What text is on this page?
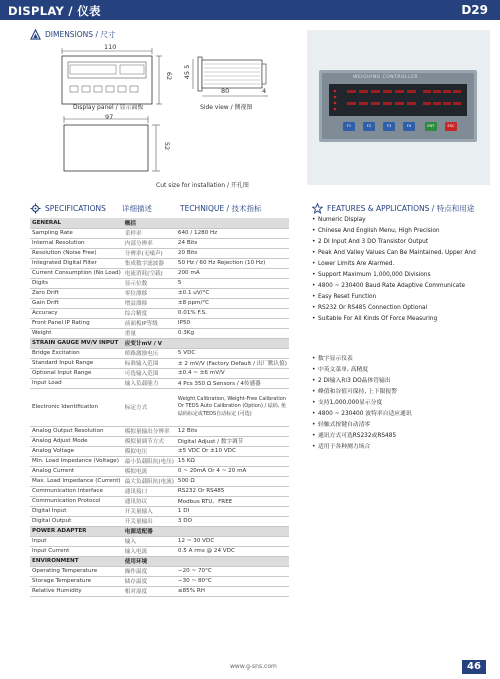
DISPLAY / 仪表	D29
DIMENSIONS / 尺寸
110
62
Display panel / 显示面板
45 5
80	4
Side view / 侧视图
97
52
Cut size for installation / 开孔图
WEIGHING CONTROLLER
F1	F2	F3	F4	ENT	ESC
SPECIFICATIONS 详细描述	TECHNIQUE / 技术指标
GENERAL	概括	
Sampling Rate	采样率	640 / 1280 Hz
Internal Resolution	内部分辨率	24 Bits
Resolution (Noise Free)	分辨率(无噪声)	20 Bits
Integrated Digital Filter	集成数字滤波器	50 Hz / 60 Hz Rejection (10 Hz)
Current Consumption (No Load)	电流消耗(空载)	200 mA
Digits	显示位数	5
Zero Drift	零位漂移	±0.1 uV/°C
Gain Drift	增益漂移	±8 ppm/°C
Accuracy	综合精度	0.01% F.S.
Front Panel IP Rating	前面板IP等级	IP50
Weight	重量	0.3Kg
STRAIN GAUGE MV/V INPUT	应变计mV / V	
Bridge Excitation	桥路激励电压	5 VDC
Standard Input Range	标准输入范围	± 2 mV/V (Factory Default / 出厂默认值)
Optional Input Range	可选输入范围	±0.4 ~ ±6 mV/V
Input Load	输入负载能力	4 Pcs 350 Ω Sensors / 4传感器
Electronic Identification	标定方式	Weight Calibration, Weight-Free Calibration Or TEDS Auto Calibration (Option) / 砝码, 免砝码标定或TEDS自动标定 (可选)
Analog Output Resolution	模拟量输出分辨率	12 Bits
Analog Adjust Mode	模拟量调节方式	Digital Adjust / 数字调节
Analog Voltage	模拟电压	±5 VDC Or ±10 VDC
Min. Load Impedance (Voltage)	最小负载阻抗(电压)	15 KΩ
Analog Current	模拟电流	0 ~ 20mA Or 4 ~ 20 mA
Max. Load Impedance (Current)	最大负载阻抗(电流)	500 Ω
Communication Interface	通讯接口	RS232 Or RS485
Communication Protocol	通讯协议	Modbus RTU、FREE
Digital Input	开关量输入	1 DI
Digital Output	开关量输出	3 DO
POWER ADAPTER	电源适配器	
Input	输入	12 ~ 30 VDC
Input Current	输入电流	0.5 A rms @ 24 VDC
ENVIRONMENT	使用环境	
Operating Temperature	操作温度	−20 ~ 70°C
Storage Temperature	储存温度	−30 ~ 80°C
Relative Humidity	相对湿度	≤85% RH
FEATURES & APPLICATIONS / 特点和用途
• Numeric Display
• Chinese And English Menu, High Precision
• 2 DI Input And 3 DO Transistor Output
• Peak And Valley Values Can Be Maintained. Upper And
• Lower Limits Are Alarmed.
• Support Maximum 1,000,000 Divisions
• 4800 ~ 230400 Baud Rate Adaptive Communicate
• Easy Reset Function
• RS232 Or RS485 Connection Optional
• Suitable For All Kinds Of Force Measuring
• 数字显示仪表
• 中英文菜单, 高精度
• 2 DI输入和3 DO晶体管输出
• 峰值和谷值可保持, 上下限报警
• 支持1,000,000显示分度
• 4800 ~ 230400 波特率自适应通讯
• 轻触式按键自动清零
• 通讯方式可选RS232或RS485
• 适用于各种测力场合
www.g-sns.com	46
